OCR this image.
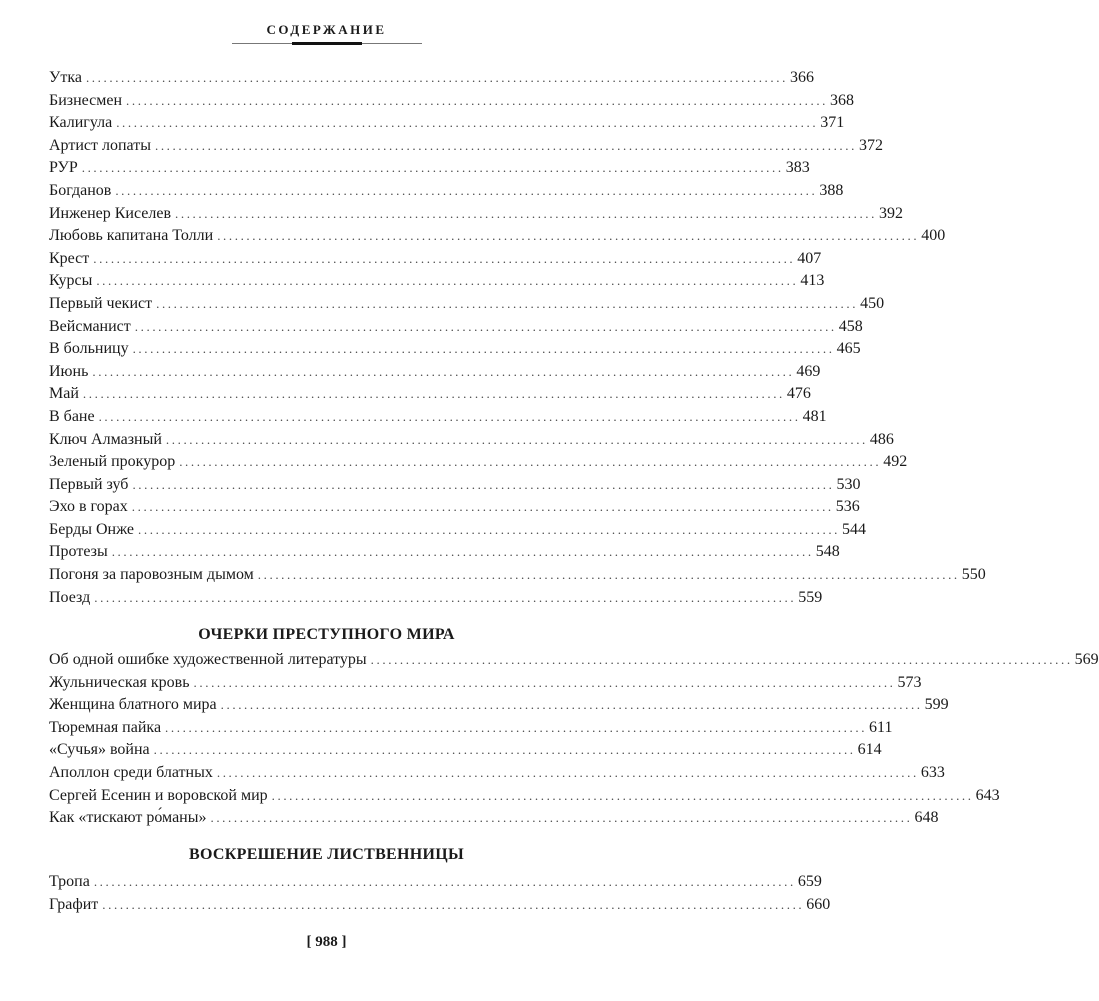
СОДЕРЖАНИЕ
Утка ........................................................................................................................ 366
Бизнесмен ........................................................................................................................ 368
Калигула ........................................................................................................................ 371
Артист лопаты ........................................................................................................................ 372
РУР ........................................................................................................................ 383
Богданов ........................................................................................................................ 388
Инженер Киселев ........................................................................................................................ 392
Любовь капитана Толли ........................................................................................................................ 400
Крест ........................................................................................................................ 407
Курсы ........................................................................................................................ 413
Первый чекист ........................................................................................................................ 450
Вейсманист ........................................................................................................................ 458
В больницу ........................................................................................................................ 465
Июнь ........................................................................................................................ 469
Май ........................................................................................................................ 476
В бане ........................................................................................................................ 481
Ключ Алмазный ........................................................................................................................ 486
Зеленый прокурор ........................................................................................................................ 492
Первый зуб ........................................................................................................................ 530
Эхо в горах ........................................................................................................................ 536
Берды Онже ........................................................................................................................ 544
Протезы ........................................................................................................................ 548
Погоня за паровозным дымом ........................................................................................................................ 550
Поезд ........................................................................................................................ 559
ОЧЕРКИ ПРЕСТУПНОГО МИРА
Об одной ошибке художественной литературы ........................................................................................................................ 569
Жульническая кровь ........................................................................................................................ 573
Женщина блатного мира ........................................................................................................................ 599
Тюремная пайка ........................................................................................................................ 611
«Сучья» война ........................................................................................................................ 614
Аполлон среди блатных ........................................................................................................................ 633
Сергей Есенин и воровской мир ........................................................................................................................ 643
Как «тискают ро́маны» ........................................................................................................................ 648
ВОСКРЕШЕНИЕ ЛИСТВЕННИЦЫ
Тропа ........................................................................................................................ 659
Графит ........................................................................................................................ 660
[ 988 ]
